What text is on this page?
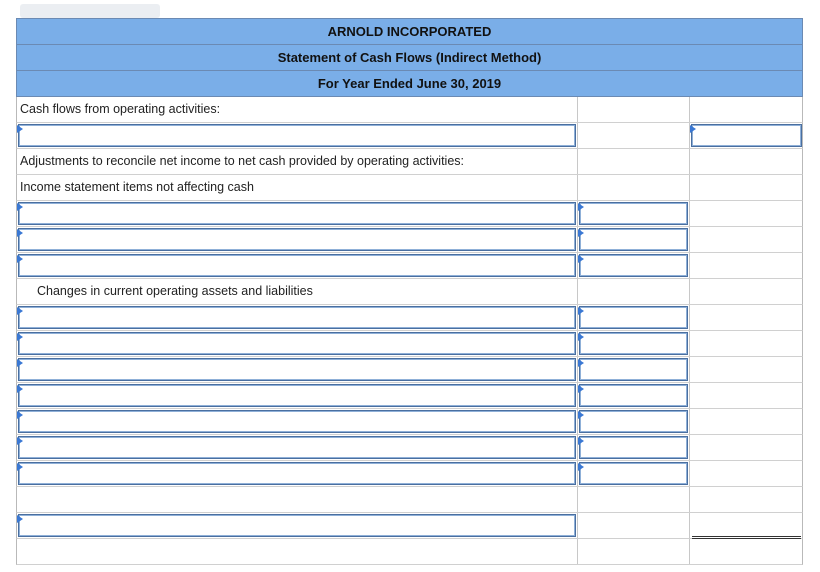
ARNOLD INCORPORATED
Statement of Cash Flows (Indirect Method)
For Year Ended June 30, 2019
Cash flows from operating activities:
Adjustments to reconcile net income to net cash provided by operating activities:
Income statement items not affecting cash
Changes in current operating assets and liabilities
